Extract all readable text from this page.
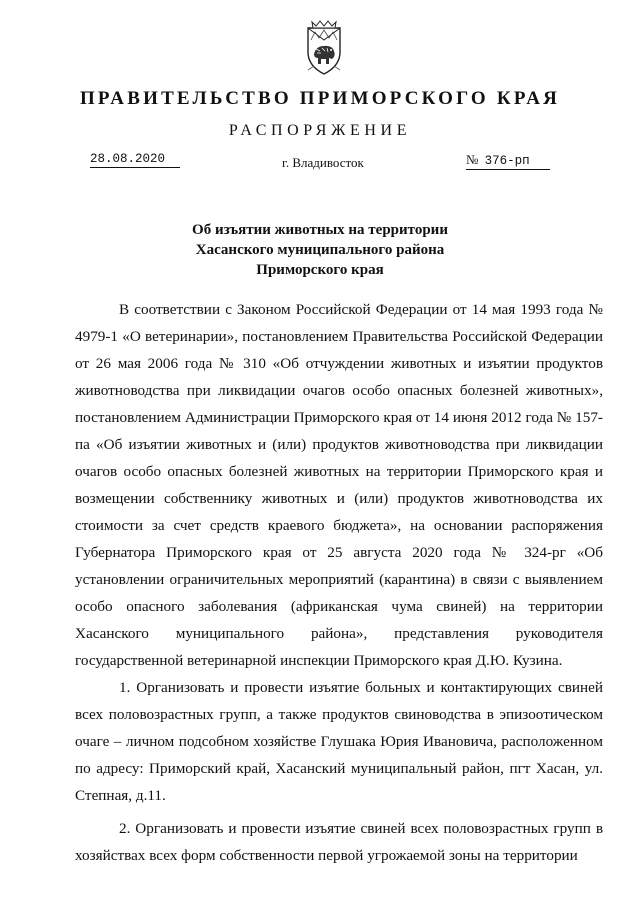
ПРАВИТЕЛЬСТВО ПРИМОРСКОГО КРАЯ
РАСПОРЯЖЕНИЕ
28.08.2020	г. Владивосток	№ 376-рп
Об изъятии животных на территории
Хасанского муниципального района
Приморского края

В соответствии с Законом Российской Федерации от 14 мая 1993 года № 4979-1 «О ветеринарии», постановлением Правительства Российской Федерации от 26 мая 2006 года № 310 «Об отчуждении животных и изъятии продуктов животноводства при ликвидации очагов особо опасных болезней животных», постановлением Администрации Приморского края от 14 июня 2012 года № 157-па «Об изъятии животных и (или) продуктов животноводства при ликвидации очагов особо опасных болезней животных на территории Приморского края и возмещении собственнику животных и (или) продуктов животноводства их стоимости за счет средств краевого бюджета», на основании распоряжения Губернатора Приморского края от 25 августа 2020 года № 324-рг «Об установлении ограничительных мероприятий (карантина) в связи с выявлением особо опасного заболевания (африканская чума свиней) на территории Хасанского муниципального района», представления руководителя государственной ветеринарной инспекции Приморского края Д.Ю. Кузина.

1. Организовать и провести изъятие больных и контактирующих свиней всех половозрастных групп, а также продуктов свиноводства в эпизоотическом очаге – личном подсобном хозяйстве Глушака Юрия Ивановича, расположенном по адресу: Приморский край, Хасанский муниципальный район, пгт Хасан, ул. Степная, д.11.

2. Организовать и провести изъятие свиней всех половозрастных групп в хозяйствах всех форм собственности первой угрожаемой зоны на территории
